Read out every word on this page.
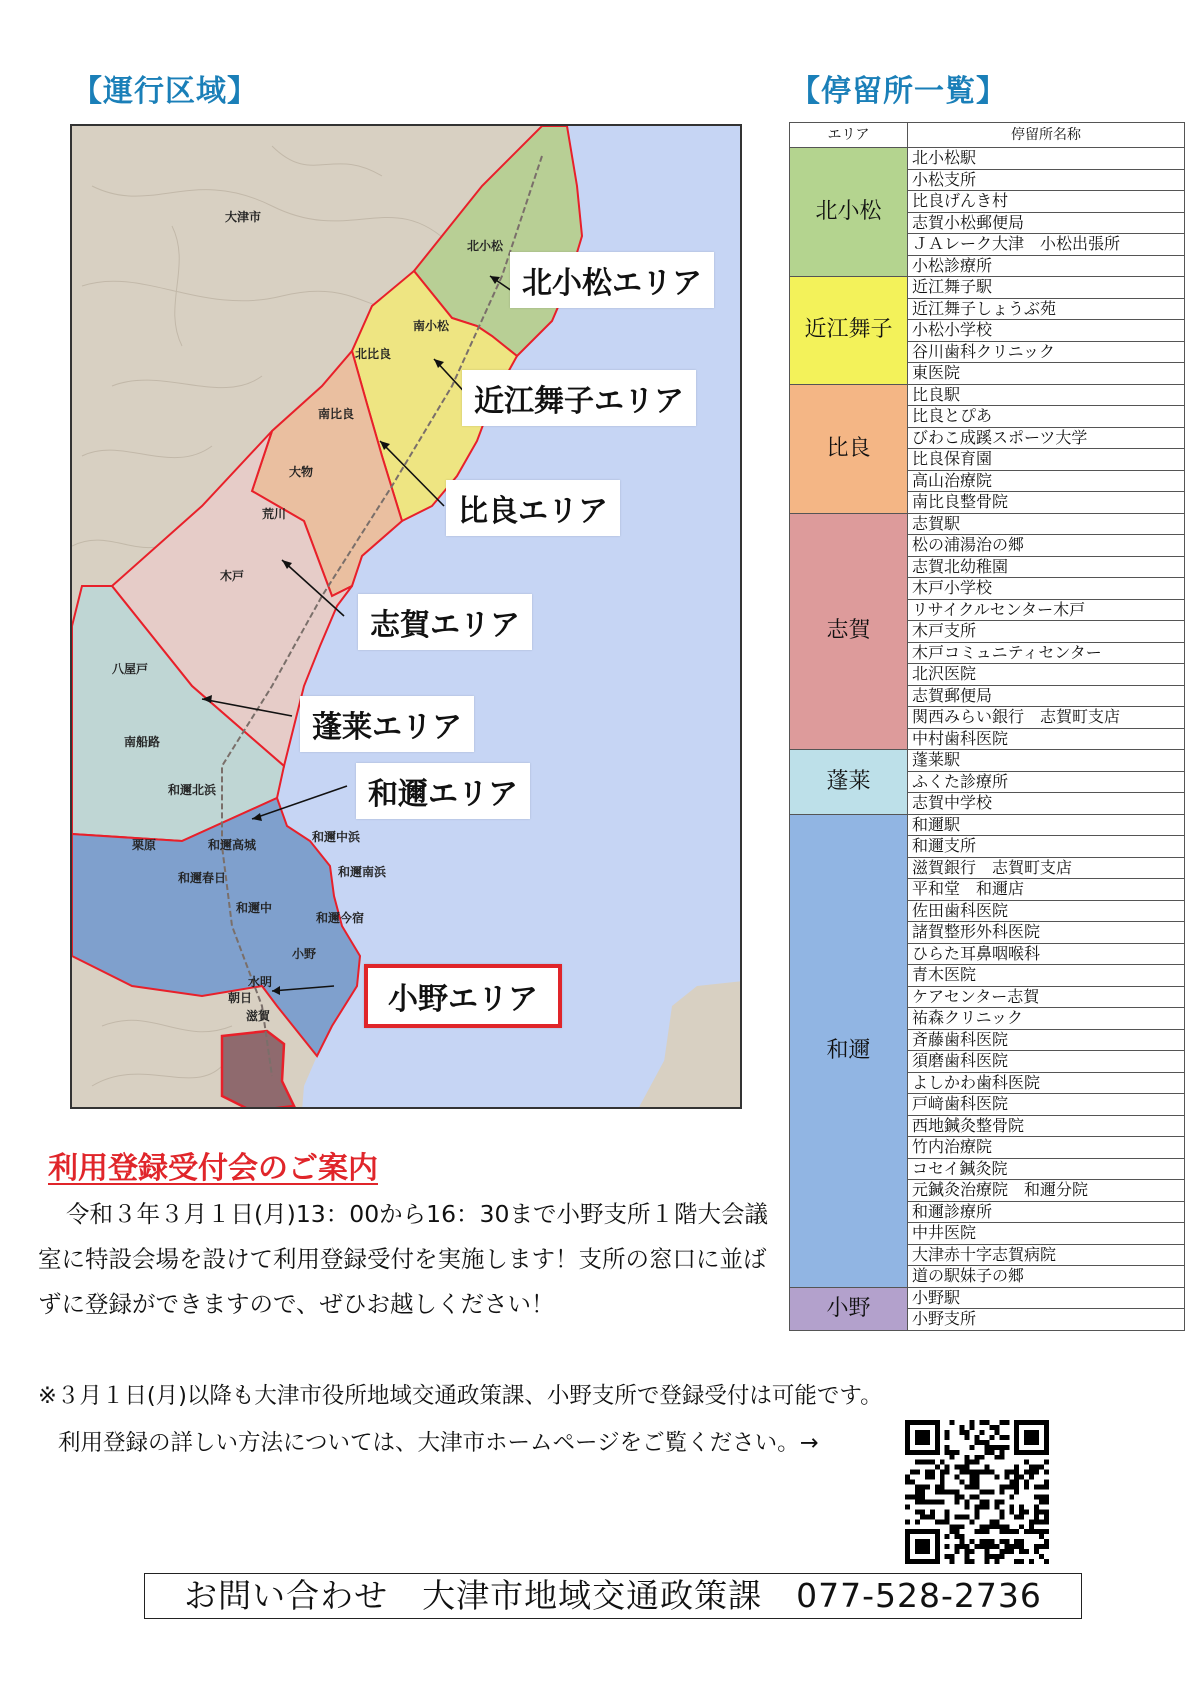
【運行区域】	【停留所一覧】
大津市
北小松
南小松
北比良
南比良
大物
荒川
木戸
八屋戸
南船路
和邇北浜
栗原	和邇高城
和邇春日
和邇中
和邇中浜
和邇南浜
和邇今宿
小野
水明
朝日
滋賀
北小松エリア
近江舞子エリア
比良エリア
志賀エリア
蓬莱エリア
和邇エリア
小野エリア
エリア	停留所名称
北小松	北小松駅
	小松支所
	比良げんき村
	志賀小松郵便局
	ＪＡレーク大津　小松出張所
	小松診療所
近江舞子	近江舞子駅
	近江舞子しょうぶ苑
	小松小学校
	谷川歯科クリニック
	東医院
比良	比良駅
	比良とぴあ
	びわこ成蹊スポーツ大学
	比良保育園
	高山治療院
	南比良整骨院
志賀	志賀駅
	松の浦湯治の郷
	志賀北幼稚園
	木戸小学校
	リサイクルセンター木戸
	木戸支所
	木戸コミュニティセンター
	北沢医院
	志賀郵便局
	関西みらい銀行　志賀町支店
	中村歯科医院
蓬莱	蓬莱駅
	ふくた診療所
	志賀中学校
和邇	和邇駅
	和邇支所
	滋賀銀行　志賀町支店
	平和堂　和邇店
	佐田歯科医院
	諸賀整形外科医院
	ひらた耳鼻咽喉科
	青木医院
	ケアセンター志賀
	祐森クリニック
	斉藤歯科医院
	須磨歯科医院
	よしかわ歯科医院
	戸﨑歯科医院
	西地鍼灸整骨院
	竹内治療院
	コセイ鍼灸院
	元鍼灸治療院　和邇分院
	和邇診療所
	中井医院
	大津赤十字志賀病院
	道の駅妹子の郷
小野	小野駅
	小野支所
利用登録受付会のご案内
令和３年３月１日(月)13：00から16：30まで小野支所１階大会議室に特設会場を設けて利用登録受付を実施します！支所の窓口に並ばずに登録ができますので、ぜひお越しください！
※３月１日(月)以降も大津市役所地域交通政策課、小野支所で登録受付は可能です。
利用登録の詳しい方法については、大津市ホームページをご覧ください。→
お問い合わせ　大津市地域交通政策課　077-528-2736
